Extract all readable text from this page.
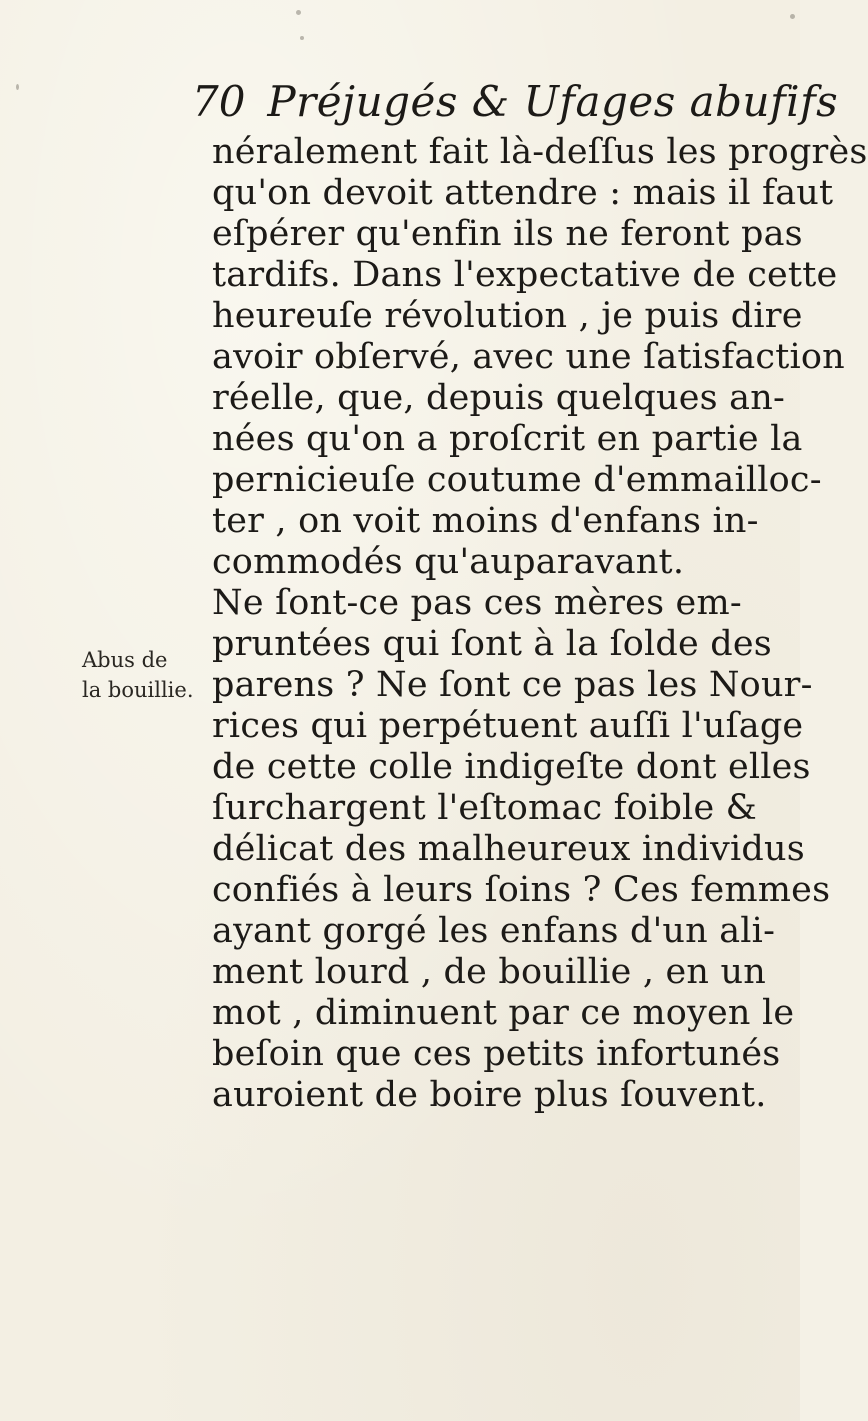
70 Préjugés & Ufages abufifs
Abus de
la bouillie.
néralement fait là-deſſus les progrès
qu'on devoit attendre : mais il faut
eſpérer qu'enfin ils ne feront pas
tardifs. Dans l'expectative de cette
heureuſe révolution , je puis dire
avoir obſervé, avec une ſatisfaction
réelle, que, depuis quelques an-
nées qu'on a proſcrit en partie la
pernicieuſe coutume d'emmailloc-
ter , on voit moins d'enfans in-
commodés qu'auparavant.
Ne ſont-ce pas ces mères em-
pruntées qui ſont à la ſolde des
parens ? Ne ſont ce pas les Nour-
rices qui perpétuent auſſi l'uſage
de cette colle indigeſte dont elles
ſurchargent l'eſtomac foible &
délicat des malheureux individus
confiés à leurs ſoins ? Ces femmes
ayant gorgé les enfans d'un ali-
ment lourd , de bouillie , en un
mot , diminuent par ce moyen le
beſoin que ces petits infortunés
auroient de boire plus ſouvent.
